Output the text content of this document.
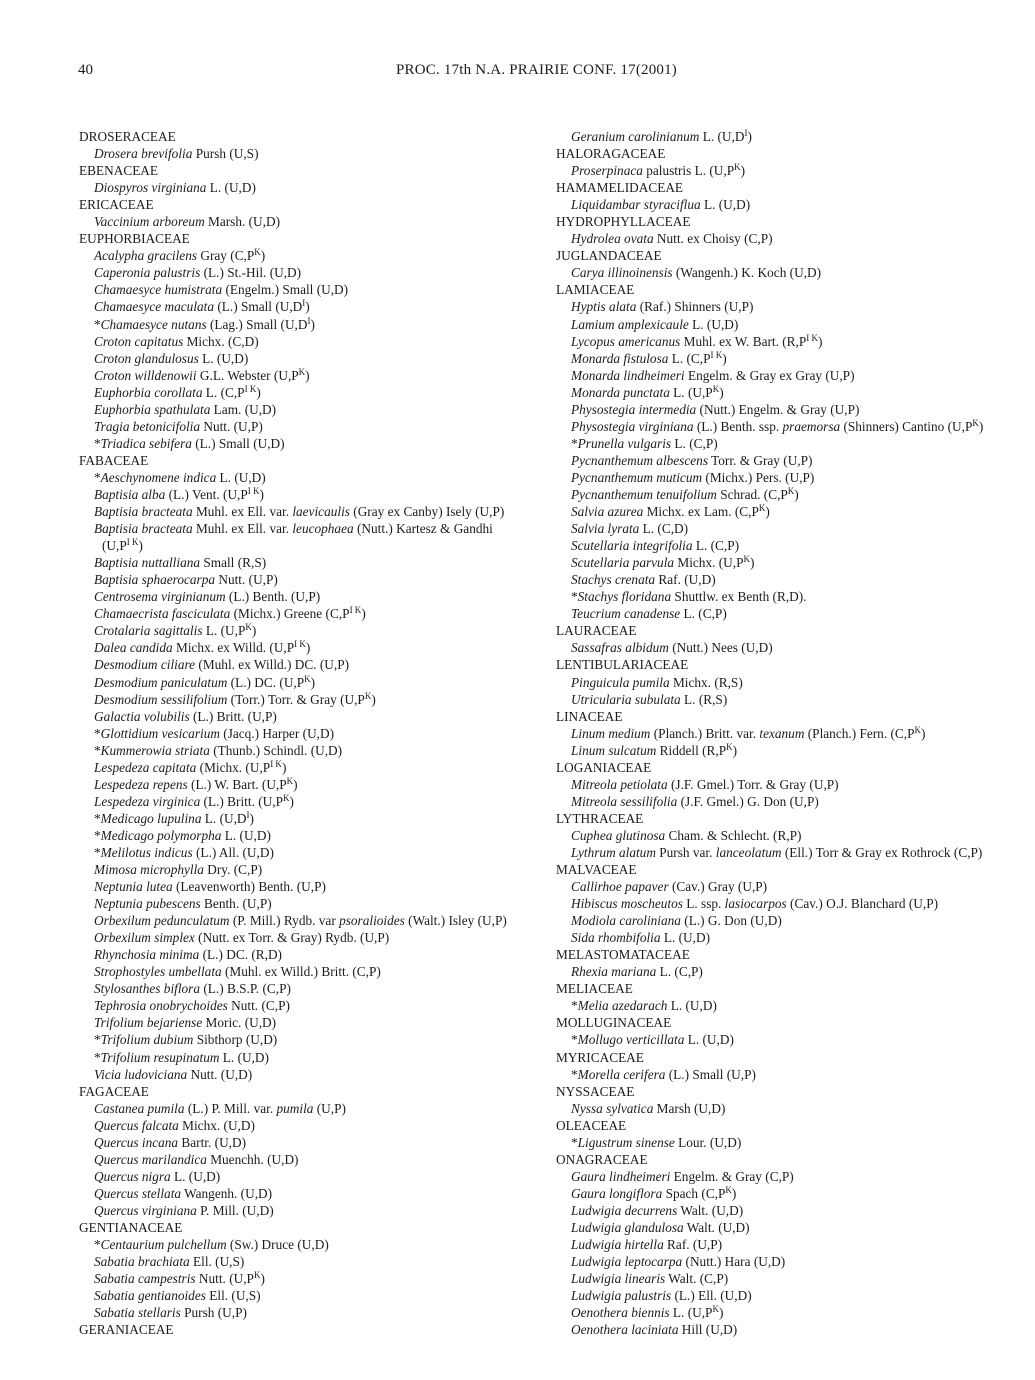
40	PROC. 17th N.A. PRAIRIE CONF. 17(2001)
DROSERACEAE
Drosera brevifolia Pursh (U,S)
EBENACEAE
Diospyros virginiana L. (U,D)
ERICACEAE
Vaccinium arboreum Marsh. (U,D)
EUPHORBIACEAE
Acalypha gracilens Gray $(C,P^K)$
Caperonia palustris (L.) St.-Hil. (U,D)
Chamaesyce humistrata (Engelm.) Small (U,D)
Chamaesyce maculata (L.) Small $(U,D^I)$
*Chamaesyce nutans (Lag.) Small $(U,D^I)$
Croton capitatus Michx. (C,D)
Croton glandulosus L. (U,D)
Croton willdenowii G.L. Webster $(U,P^K)$
Euphorbia corollata L. $(C,P^{I K})$
Euphorbia spathulata Lam. (U,D)
Tragia betonicifolia Nutt. (U,P)
*Triadica sebifera (L.) Small (U,D)
FABACEAE
*Aeschynomene indica L. (U,D)
Baptisia alba (L.) Vent. $(U,P^{I K})$
Baptisia bracteata Muhl. ex Ell. var. laevicaulis (Gray ex Canby) Isely (U,P)
Baptisia bracteata Muhl. ex Ell. var. leucophaea (Nutt.) Kartesz & Gandhi
$(U,P^{I K})$
Baptisia nuttalliana Small (R,S)
Baptisia sphaerocarpa Nutt. (U,P)
Centrosema virginianum (L.) Benth. (U,P)
Chamaecrista fasciculata (Michx.) Greene $(C,P^{I K})$
Crotalaria sagittalis L. $(U,P^K)$
Dalea candida Michx. ex Willd. $(U,P^{I K})$
Desmodium ciliare (Muhl. ex Willd.) DC. (U,P)
Desmodium paniculatum (L.) DC. $(U,P^K)$
Desmodium sessilifolium (Torr.) Torr. & Gray $(U,P^K)$
Galactia volubilis (L.) Britt. (U,P)
*Glottidium vesicarium (Jacq.) Harper (U,D)
*Kummerowia striata (Thunb.) Schindl. (U,D)
Lespedeza capitata (Michx. $(U,P^{I K})$
Lespedeza repens (L.) W. Bart. $(U,P^K)$
Lespedeza virginica (L.) Britt. $(U,P^K)$
*Medicago lupulina L. $(U,D^I)$
*Medicago polymorpha L. (U,D)
*Melilotus indicus (L.) All. (U,D)
Mimosa microphylla Dry. (C,P)
Neptunia lutea (Leavenworth) Benth. (U,P)
Neptunia pubescens Benth. (U,P)
Orbexilum pedunculatum (P. Mill.) Rydb. var psoralioides (Walt.) Isley (U,P)
Orbexilum simplex (Nutt. ex Torr. & Gray) Rydb. (U,P)
Rhynchosia minima (L.) DC. (R,D)
Strophostyles umbellata (Muhl. ex Willd.) Britt. (C,P)
Stylosanthes biflora (L.) B.S.P. (C,P)
Tephrosia onobrychoides Nutt. (C,P)
Trifolium bejariense Moric. (U,D)
*Trifolium dubium Sibthorp (U,D)
*Trifolium resupinatum L. (U,D)
Vicia ludoviciana Nutt. (U,D)
FAGACEAE
Castanea pumila (L.) P. Mill. var. pumila (U,P)
Quercus falcata Michx. (U,D)
Quercus incana Bartr. (U,D)
Quercus marilandica Muenchh. (U,D)
Quercus nigra L. (U,D)
Quercus stellata Wangenh. (U,D)
Quercus virginiana P. Mill. (U,D)
GENTIANACEAE
*Centaurium pulchellum (Sw.) Druce (U,D)
Sabatia brachiata Ell. (U,S)
Sabatia campestris Nutt. $(U,P^K)$
Sabatia gentianoides Ell. (U,S)
Sabatia stellaris Pursh (U,P)
GERANIACEAE
Geranium carolinianum L. $(U,D^I)$
HALORAGACEAE
Proserpinaca palustris L. $(U,P^K)$
HAMAMELIDACEAE
Liquidambar styraciflua L. (U,D)
HYDROPHYLLACEAE
Hydrolea ovata Nutt. ex Choisy (C,P)
JUGLANDACEAE
Carya illinoinensis (Wangenh.) K. Koch (U,D)
LAMIACEAE
Hyptis alata (Raf.) Shinners (U,P)
Lamium amplexicaule L. (U,D)
Lycopus americanus Muhl. ex W. Bart. $(R,P^{I K})$
Monarda fistulosa L. $(C,P^{I K})$
Monarda lindheimeri Engelm. & Gray ex Gray (U,P)
Monarda punctata L. $(U,P^K)$
Physostegia intermedia (Nutt.) Engelm. & Gray (U,P)
Physostegia virginiana (L.) Benth. ssp. praemorsa (Shinners) Cantino $(U,P^K)$
*Prunella vulgaris L. (C,P)
Pycnanthemum albescens Torr. & Gray (U,P)
Pycnanthemum muticum (Michx.) Pers. (U,P)
Pycnanthemum tenuifolium Schrad. $(C,P^K)$
Salvia azurea Michx. ex Lam. $(C,P^K)$
Salvia lyrata L. (C,D)
Scutellaria integrifolia L. (C,P)
Scutellaria parvula Michx. $(U,P^K)$
Stachys crenata Raf. (U,D)
*Stachys floridana Shuttlw. ex Benth (R,D).
Teucrium canadense L. (C,P)
LAURACEAE
Sassafras albidum (Nutt.) Nees (U,D)
LENTIBULARIACEAE
Pinguicula pumila Michx. (R,S)
Utricularia subulata L. (R,S)
LINACEAE
Linum medium (Planch.) Britt. var. texanum (Planch.) Fern. $(C,P^K)$
Linum sulcatum Riddell $(R,P^K)$
LOGANIACEAE
Mitreola petiolata (J.F. Gmel.) Torr. & Gray (U,P)
Mitreola sessilifolia (J.F. Gmel.) G. Don (U,P)
LYTHRACEAE
Cuphea glutinosa Cham. & Schlecht. (R,P)
Lythrum alatum Pursh var. lanceolatum (Ell.) Torr & Gray ex Rothrock (C,P)
MALVACEAE
Callirhoe papaver (Cav.) Gray (U,P)
Hibiscus moscheutos L. ssp. lasiocarpos (Cav.) O.J. Blanchard (U,P)
Modiola caroliniana (L.) G. Don (U,D)
Sida rhombifolia L. (U,D)
MELASTOMATACEAE
Rhexia mariana L. (C,P)
MELIACEAE
*Melia azedarach L. (U,D)
MOLLUGINACEAE
*Mollugo verticillata L. (U,D)
MYRICACEAE
*Morella cerifera (L.) Small (U,P)
NYSSACEAE
Nyssa sylvatica Marsh (U,D)
OLEACEAE
*Ligustrum sinense Lour. (U,D)
ONAGRACEAE
Gaura lindheimeri Engelm. & Gray (C,P)
Gaura longiflora Spach $(C,P^K)$
Ludwigia decurrens Walt. (U,D)
Ludwigia glandulosa Walt. (U,D)
Ludwigia hirtella Raf. (U,P)
Ludwigia leptocarpa (Nutt.) Hara (U,D)
Ludwigia linearis Walt. (C,P)
Ludwigia palustris (L.) Ell. (U,D)
Oenothera biennis L. $(U,P^K)$
Oenothera laciniata Hill (U,D)
